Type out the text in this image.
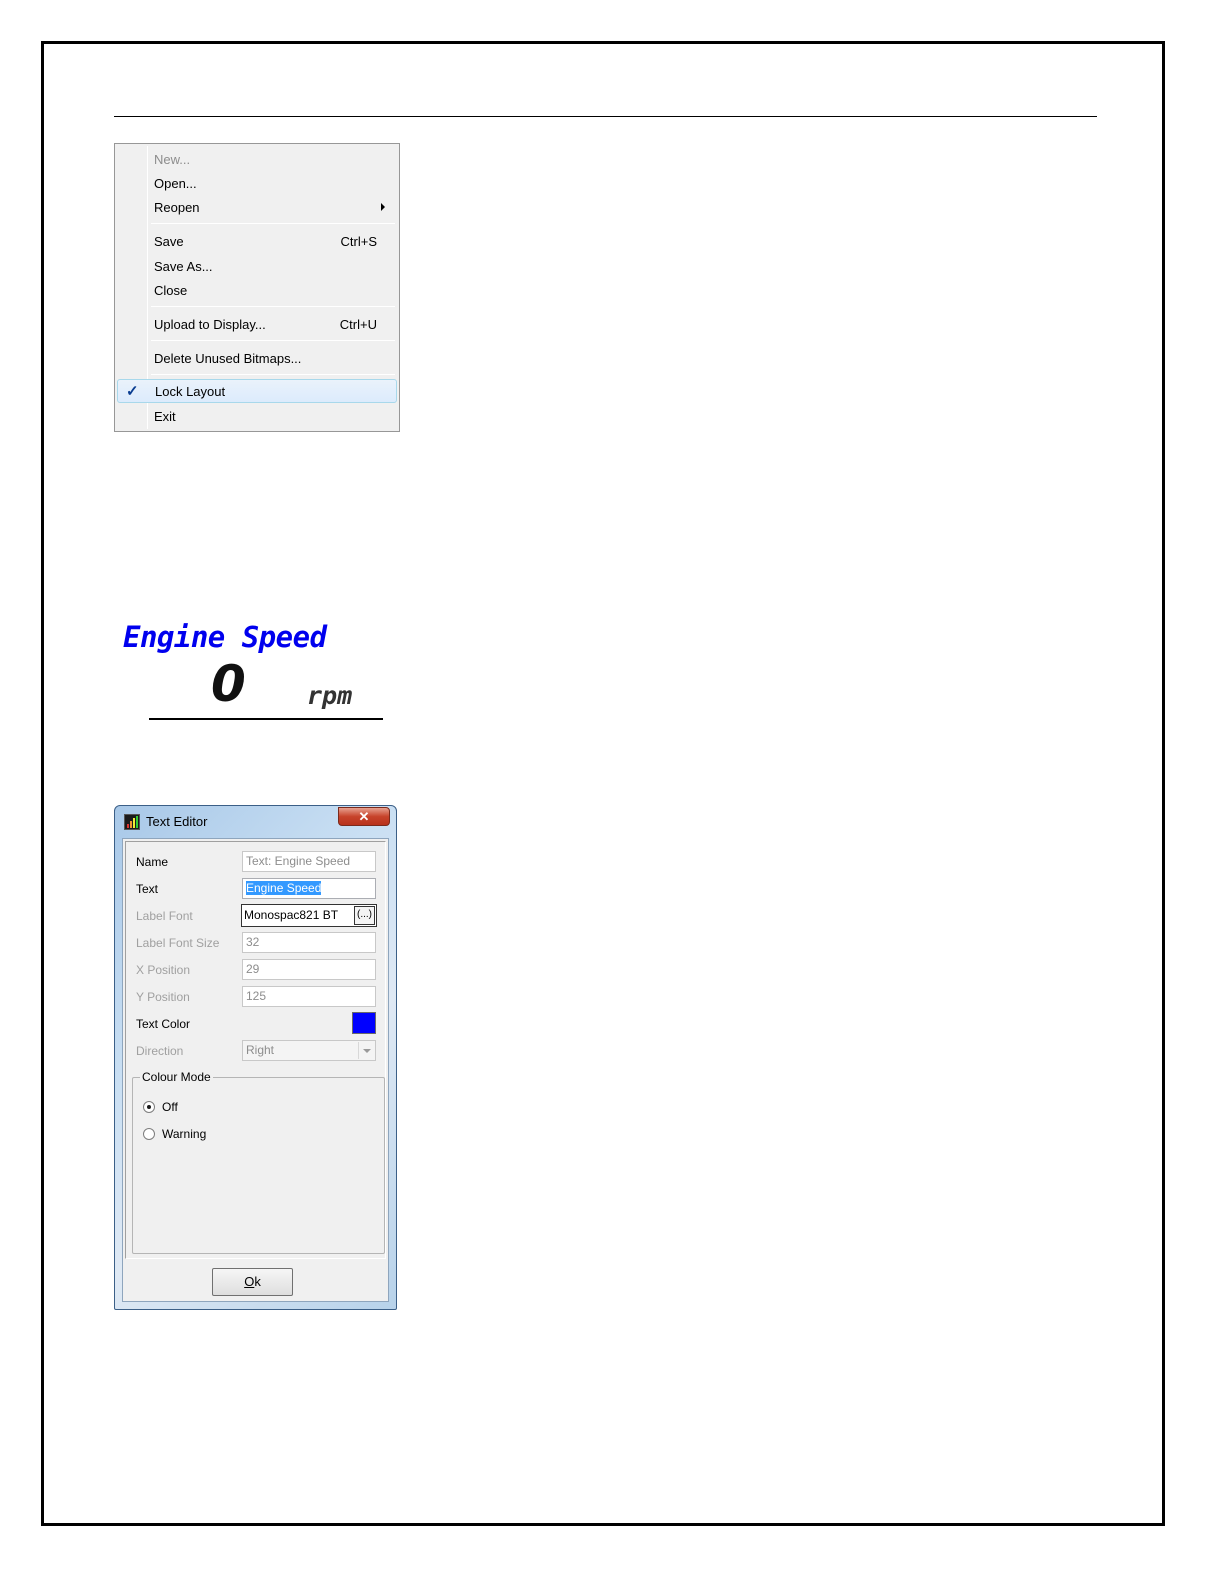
New...
Open...
Reopen
Save	Ctrl+S
Save As...
Close
Upload to Display...	Ctrl+U
Delete Unused Bitmaps...
✓ Lock Layout
Exit
Engine Speed
0 rpm
Text Editor	✕
Name	Text: Engine Speed
Text	Engine Speed
Label Font	Monospac821 BT	(...)
Label Font Size	32
X Position	29
Y Position	125
Text Color
Direction	Right
Colour Mode
Off
Warning
Ok
